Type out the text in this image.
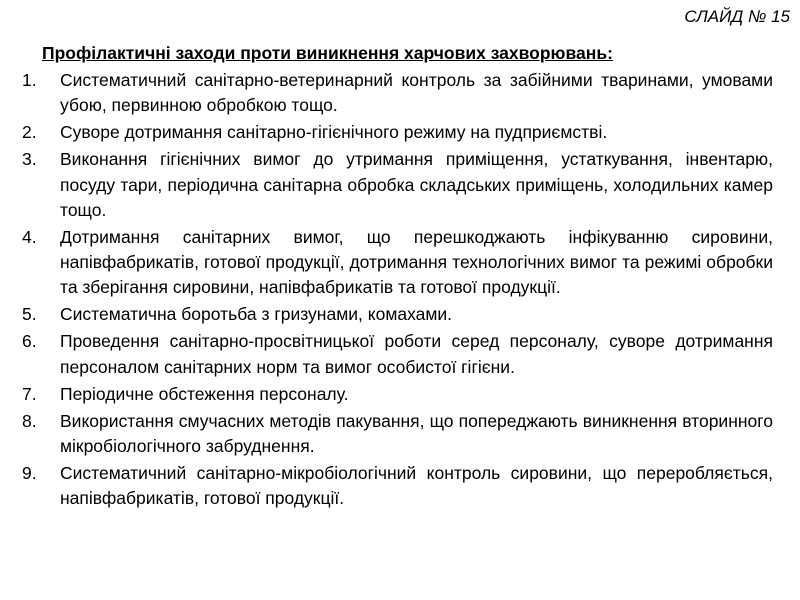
СЛАЙД № 15
Профілактичні заходи проти виникнення харчових захворювань:
1.	Систематичний санітарно-ветеринарний контроль за забійними тваринами, умовами убою, первинною обробкою тощо.
2.	Суворе дотримання санітарно-гігієнічного режиму на пудприємстві.
3.	Виконання гігієнічних вимог до утримання приміщення, устаткування, інвентарю, посуду тари, періодична санітарна обробка складських приміщень, холодильних камер тощо.
4.	Дотримання санітарних вимог, що перешкоджають інфікуванню сировини, напівфабрикатів, готової продукції, дотримання технологічних вимог та режимі обробки та зберігання сировини, напівфабрикатів та готової продукції.
5.	Систематична боротьба з гризунами, комахами.
6.	Проведення санітарно-просвітницької роботи серед персоналу, суворе дотримання персоналом санітарних норм та вимог особистої гігієни.
7.	Періодичне обстеження персоналу.
8.	Використання смучасних методів пакування, що попереджають виникнення вторинного мікробіологічного забруднення.
9.	Систематичний санітарно-мікробіологічний контроль сировини, що переробляється, напівфабрикатів, готової продукції.
